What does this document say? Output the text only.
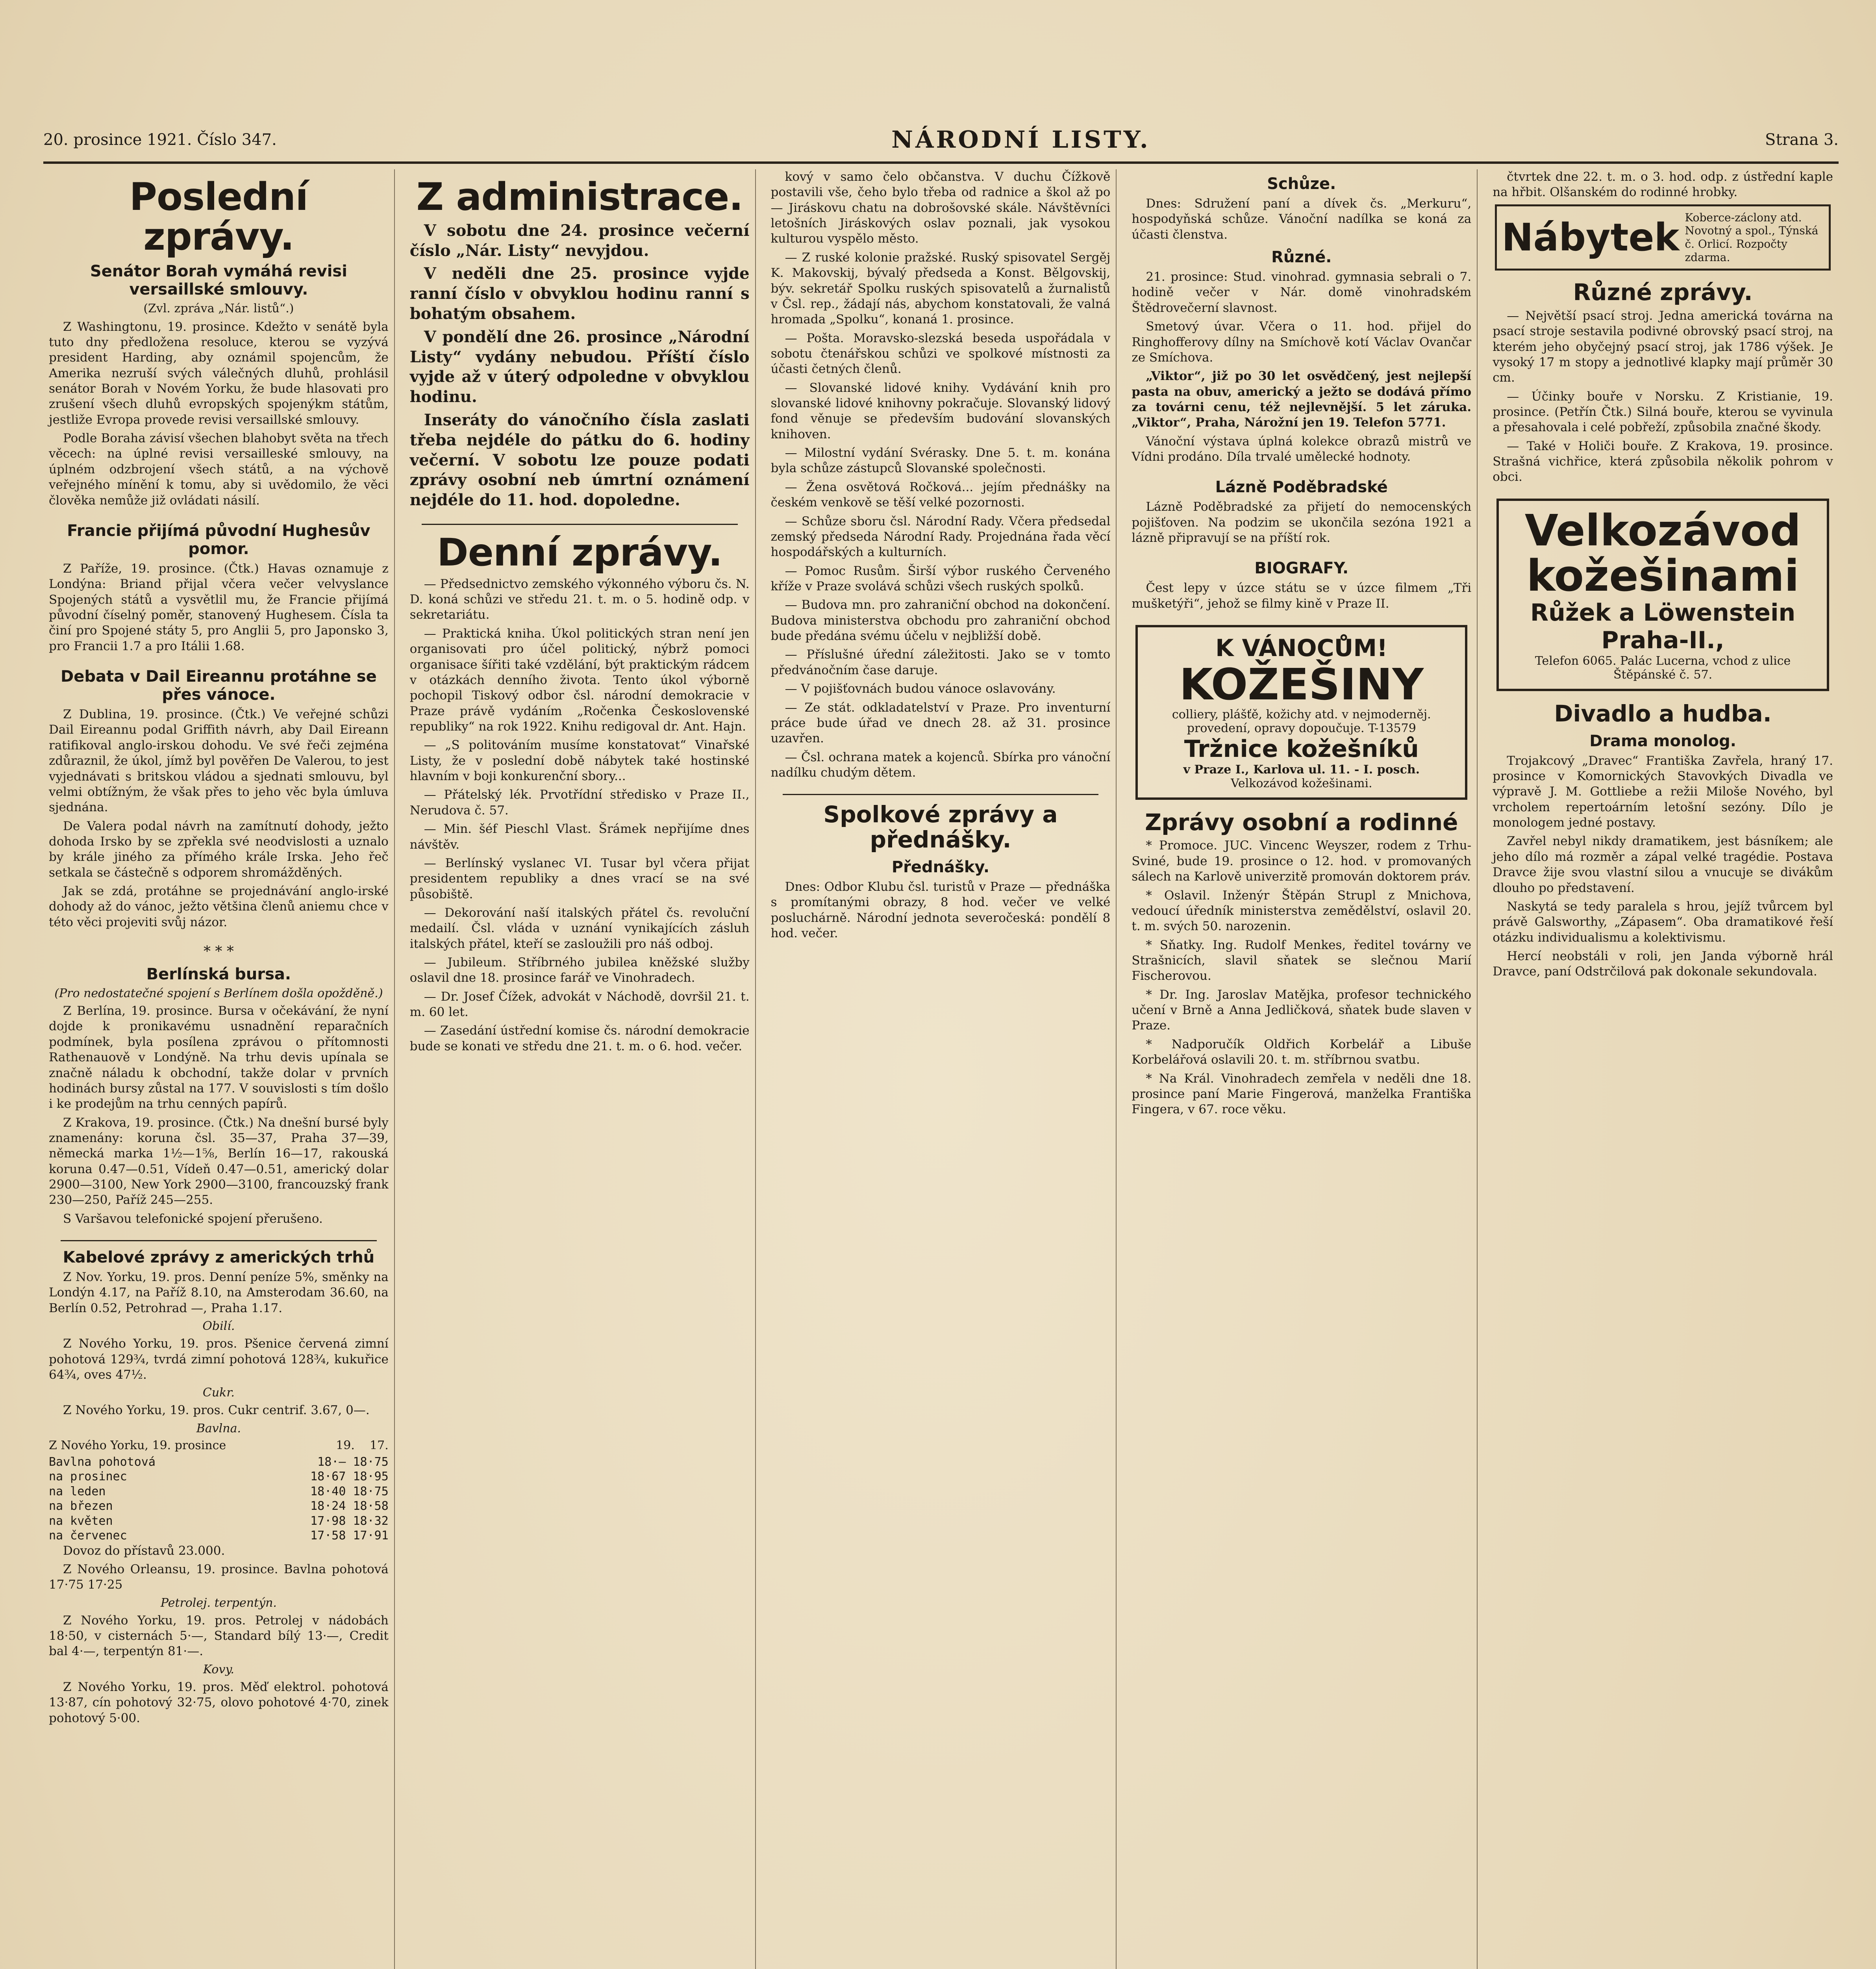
20. prosince 1921. Číslo 347.	NÁRODNÍ LISTY.	Strana 3.
Poslední zprávy.
Senátor Borah vymáhá revisi versaillské smlouvy.
(Zvl. zpráva „Nár. listů“.)

Z Washingtonu, 19. prosince. Kdežto v senátě byla tuto dny předložena resoluce, kterou se vyzývá president Harding, aby oznámil spojencům, že Amerika nezruší svých válečných dluhů, prohlásil senátor Borah v Novém Yorku, že bude hlasovati pro zrušení všech dluhů evropských spojenýkm státům, jestliže Evropa provede revisi versaillské smlouvy.

Podle Boraha závisí všechen blahobyt světa na třech věcech: na úplné revisi versailleské smlouvy, na úplném odzbrojení všech států, a na výchově veřejného mínění k tomu, aby si uvědomilo, že věci člověka nemůže již ovládati násilí.

Francie přijímá původní Hughesův pomor.

Z Paříže, 19. prosince. (Čtk.) Havas oznamuje z Londýna: Briand přijal včera večer velvyslance Spojených států a vysvětlil mu, že Francie přijímá původní číselný poměr, stanovený Hughesem. Čísla ta činí pro Spojené státy 5, pro Anglii 5, pro Japonsko 3, pro Francii 1.7 a pro Itálii 1.68.

Debata v Dail Eireannu protáhne se přes vánoce.

Z Dublina, 19. prosince. (Čtk.) Ve veřejné schůzi Dail Eireannu podal Griffith návrh, aby Dail Eireann ratifikoval anglo-irskou dohodu. Ve své řeči zejména zdůraznil, že úkol, jímž byl pověřen De Valerou, to jest vyjednávati s britskou vládou a sjednati smlouvu, byl velmi obtížným, že však přes to jeho věc byla úmluva sjednána.

De Valera podal návrh na zamítnutí dohody, ježto dohoda Irsko by se zpřekla své neodvislosti a uznalo by krále jiného za přímého krále Irska. Jeho řeč setkala se částečně s odporem shromážděných.

Jak se zdá, protáhne se projednávání anglo-irské dohody až do vánoc, ježto většina členů aniemu chce v této věci projeviti svůj názor.

* * *
Berlínská bursa.
(Pro nedostatečné spojení s Berlínem došla opožděně.)

Z Berlína, 19. prosince. Bursa v očekávání, že nyní dojde k pronikavému usnadnění reparačních podmínek, byla posílena zprávou o přítomnosti Rathenauově v Londýně. Na trhu devis upínala se značně náladu k obchodní, takže dolar v prvních hodinách bursy zůstal na 177. V souvislosti s tím došlo i ke prodejům na trhu cenných papírů.

Z Krakova, 19. prosince. (Čtk.) Na dnešní bursé byly znamenány: koruna čsl. 35—37, Praha 37—39, německá marka 1½—1⅝, Berlín 16—17, rakouská koruna 0.47—0.51, Vídeň 0.47—0.51, americký dolar 2900—3100, New York 2900—3100, francouzský frank 230—250, Paříž 245—255.

S Varšavou telefonické spojení přerušeno.

Kabelové zprávy z amerických trhů

Z Nov. Yorku, 19. pros. Denní peníze 5%, směnky na Londýn 4.17, na Paříž 8.10, na Amsterodam 36.60, na Berlín 0.52, Petrohrad —, Praha 1.17.

Obilí.

Z Nového Yorku, 19. pros. Pšenice červená zimní pohotová 129¾, tvrdá zimní pohotová 128¾, kukuřice 64¾, oves 47½.

Cukr.

Z Nového Yorku, 19. pros. Cukr centrif. 3.67, 0—.

Bavlna.
Z Nového Yorku, 19. prosince	19. 17.
Bavlna pohotová	18·— 18·75
na prosinec	18·67 18·95
na leden	18·40 18·75
na březen	18·24 18·58
na květen	17·98 18·32
na červenec	17·58 17·91

Dovoz do přístavů 23.000.

Z Nového Orleansu, 19. prosince. Bavlna pohotová 17·75 17·25

Petrolej. terpentýn.

Z Nového Yorku, 19. pros. Petrolej v nádobách 18·50, v cisternách 5·—, Standard bílý 13·—, Credit bal 4·—, terpentýn 81·—.

Kovy.

Z Nového Yorku, 19. pros. Měď elektrol. pohotová 13·87, cín pohotový 32·75, olovo pohotové 4·70, zinek pohotový 5·00.

Z administrace.

V sobotu dne 24. prosince večerní číslo „Nár. Listy“ nevyjdou.

V neděli dne 25. prosince vyjde ranní číslo v obvyklou hodinu ranní s bohatým obsahem.

V pondělí dne 26. prosince „Národní Listy“ vydány nebudou. Příští číslo vyjde až v úterý odpoledne v obvyklou hodinu.

Inseráty do vánočního čísla zaslati třeba nejdéle do pátku do 6. hodiny večerní. V sobotu lze pouze podati zprávy osobní neb úmrtní oznámení nejdéle do 11. hod. dopoledne.

Denní zprávy.

— Předsednictvo zemského výkonného výboru čs. N. D. koná schůzi ve středu 21. t. m. o 5. hodině odp. v sekretariátu.

— Praktická kniha. Úkol politických stran není jen organisovati pro účel politický, nýbrž pomoci organisace šířiti také vzdělání, být praktickým rádcem v otázkách denního života. Tento úkol výborně pochopil Tiskový odbor čsl. národní demokracie v Praze právě vydáním „Ročenka Československé republiky“ na rok 1922. Knihu redigoval dr. Ant. Hajn.

— „S politováním musíme konstatovat“ Vinařské Listy, že v poslední době nábytek také hostinské hlavním v boji konkurenční sbory...

— Přátelský lék. Prvotřídní středisko v Praze II., Nerudova č. 57.

— Min. šéf Pieschl Vlast. Šrámek nepřijíme dnes návštěv.

— Berlínský vyslanec VI. Tusar byl včera přijat presidentem republiky a dnes vrací se na své působiště.

— Dekorování naší italských přátel čs. revoluční medailí. Čsl. vláda v uznání vynikajících zásluh italských přátel, kteří se zasloužili pro náš odboj.

— Jubileum. Stříbrného jubilea kněžské služby oslavil dne 18. prosince farář ve Vinohradech.

— Dr. Josef Čížek, advokát v Náchodě, dovršil 21. t. m. 60 let.

— Zasedání ústřední komise čs. národní demokracie bude se konati ve středu dne 21. t. m. o 6. hod. večer.

kový v samo čelo občanstva. V duchu Čížkově postavili vše, čeho bylo třeba od radnice a škol až po — Jiráskovu chatu na dobrošovské skále. Návštěvníci letošních Jiráskových oslav poznali, jak vysokou kulturou vyspělo město.

— Z ruské kolonie pražské. Ruský spisovatel Sergěj K. Makovskij, bývalý předseda a Konst. Bělgovskij, býv. sekretář Spolku ruských spisovatelů a žurnalistů v Čsl. rep., žádají nás, abychom konstatovali, že valná hromada „Spolku“, konaná 1. prosince.

— Pošta. Moravsko-slezská beseda uspořádala v sobotu čtenářskou schůzi ve spolkové místnosti za účasti četných členů.

— Slovanské lidové knihy. Vydávání knih pro slovanské lidové knihovny pokračuje. Slovanský lidový fond věnuje se především budování slovanských knihoven.

— Milostní vydání Svérasky. Dne 5. t. m. konána byla schůze zástupců Slovanské společnosti.

— Žena osvětová Ročková... jejím přednášky na českém venkově se těší velké pozornosti.

— Schůze sboru čsl. Národní Rady. Včera předsedal zemský předseda Národní Rady. Projednána řada věcí hospodářských a kulturních.

— Pomoc Rusům. Širší výbor ruského Červeného kříže v Praze svolává schůzi všech ruských spolků.

— Budova mn. pro zahraniční obchod na dokončení. Budova ministerstva obchodu pro zahraniční obchod bude předána svému účelu v nejbližší době.

— Příslušné úřední záležitosti. Jako se v tomto předvánočním čase daruje.

— V pojišťovnách budou vánoce oslavovány.

— Ze stát. odkladatelství v Praze. Pro inventurní práce bude úřad ve dnech 28. až 31. prosince uzavřen.

— Čsl. ochrana matek a kojenců. Sbírka pro vánoční nadílku chudým dětem.

Spolkové zprávy a přednášky.
Přednášky.

Dnes: Odbor Klubu čsl. turistů v Praze — přednáška s promítanými obrazy, 8 hod. večer ve velké posluchárně. Národní jednota severočeská: pondělí 8 hod. večer.

Schůze.

Dnes: Sdružení paní a dívek čs. „Merkuru“, hospodyňská schůze. Vánoční nadílka se koná za účasti členstva.

Různé.

21. prosince: Stud. vinohrad. gymnasia sebrali o 7. hodině večer v Nár. domě vinohradském Štědrovečerní slavnost.

Smetový úvar. Včera o 11. hod. přijel do Ringhofferovy dílny na Smíchově kotí Václav Ovančar ze Smíchova.

„Viktor“, již po 30 let osvědčený, jest nejlepší pasta na obuv, americký a ježto se dodává přímo za továrni cenu, též nejlevnější. 5 let záruka. „Viktor“, Praha, Nárožní jen 19. Telefon 5771.

Vánoční výstava úplná kolekce obrazů mistrů ve Vídni prodáno. Díla trvalé umělecké hodnoty.

Lázně Poděbradské

Lázně Poděbradské za přijetí do nemocenských pojišťoven. Na podzim se ukončila sezóna 1921 a lázně připravují se na příští rok.

BIOGRAFY.

Čest lepy v úzce státu se v úzce filmem „Tři mušketýři“, jehož se filmy kině v Praze II.

K VÁNOCŮM!
KOŽEŠINY
colliery, plášťě, kožichy atd. v nejmoderněj. provedení, opravy dopoučuje. T-13579
Tržnice kožešníků
v Praze I., Karlova ul. 11. - I. posch.
Velkozávod kožešinami.
Zprávy osobní a rodinné

* Promoce. JUC. Vincenc Weyszer, rodem z Trhu-Sviné, bude 19. prosince o 12. hod. v promovaných sálech na Karlově univerzitě promován doktorem práv.

* Oslavil. Inženýr Štěpán Strupl z Mnichova, vedoucí úředník ministerstva zemědělství, oslavil 20. t. m. svých 50. narozenin.

* Sňatky. Ing. Rudolf Menkes, ředitel továrny ve Strašnicích, slavil sňatek se slečnou Marií Fischerovou.

* Dr. Ing. Jaroslav Matějka, profesor technického učení v Brně a Anna Jedličková, sňatek bude slaven v Praze.

* Nadporučík Oldřich Korbelář a Libuše Korbelářová oslavili 20. t. m. stříbrnou svatbu.

* Na Král. Vinohradech zemřela v neděli dne 18. prosince paní Marie Fingerová, manželka Františka Fingera, v 67. roce věku.

čtvrtek dne 22. t. m. o 3. hod. odp. z ústřední kaple na hřbit. Olšanském do rodinné hrobky.

Nábytek Koberce-záclony atd. Novotný a spol., Týnská č. Orlicí. Rozpočty zdarma.
Různé zprávy.

— Největší psací stroj. Jedna americká továrna na psací stroje sestavila podivné obrovský psací stroj, na kterém jeho obyčejný psací stroj, jak 1786 výšek. Je vysoký 17 m stopy a jednotlivé klapky mají průměr 30 cm.

— Účinky bouře v Norsku. Z Kristianie, 19. prosince. (Petřín Čtk.) Silná bouře, kterou se vyvinula a přesahovala i celé pobřeží, způsobila značné škody.

— Také v Holiči bouře. Z Krakova, 19. prosince. Strašná vichřice, která způsobila několik pohrom v obci.

Velkozávod
kožešinami
Růžek a Löwenstein
Praha-II.,
Telefon 6065. Palác Lucerna, vchod z ulice Štěpánské č. 57.
Divadlo a hudba.
Drama monolog.

Trojakcový „Dravec“ Františka Zavřela, hraný 17. prosince v Komornických Stavovkých Divadla ve výpravě J. M. Gottliebe a režii Miloše Nového, byl vrcholem repertoárním letošní sezóny. Dílo je monologem jedné postavy.

Zavřel nebyl nikdy dramatikem, jest básníkem; ale jeho dílo má rozměr a zápal velké tragédie. Postava Dravce žije svou vlastní silou a vnucuje se divákům dlouho po představení.

Naskytá se tedy paralela s hrou, jejíž tvůrcem byl právě Galsworthy, „Zápasem“. Oba dramatikové řeší otázku individualismu a kolektivismu.

Hercí neobstáli v roli, jen Janda výborně hrál Dravce, paní Odstrčilová pak dokonale sekundovala.
